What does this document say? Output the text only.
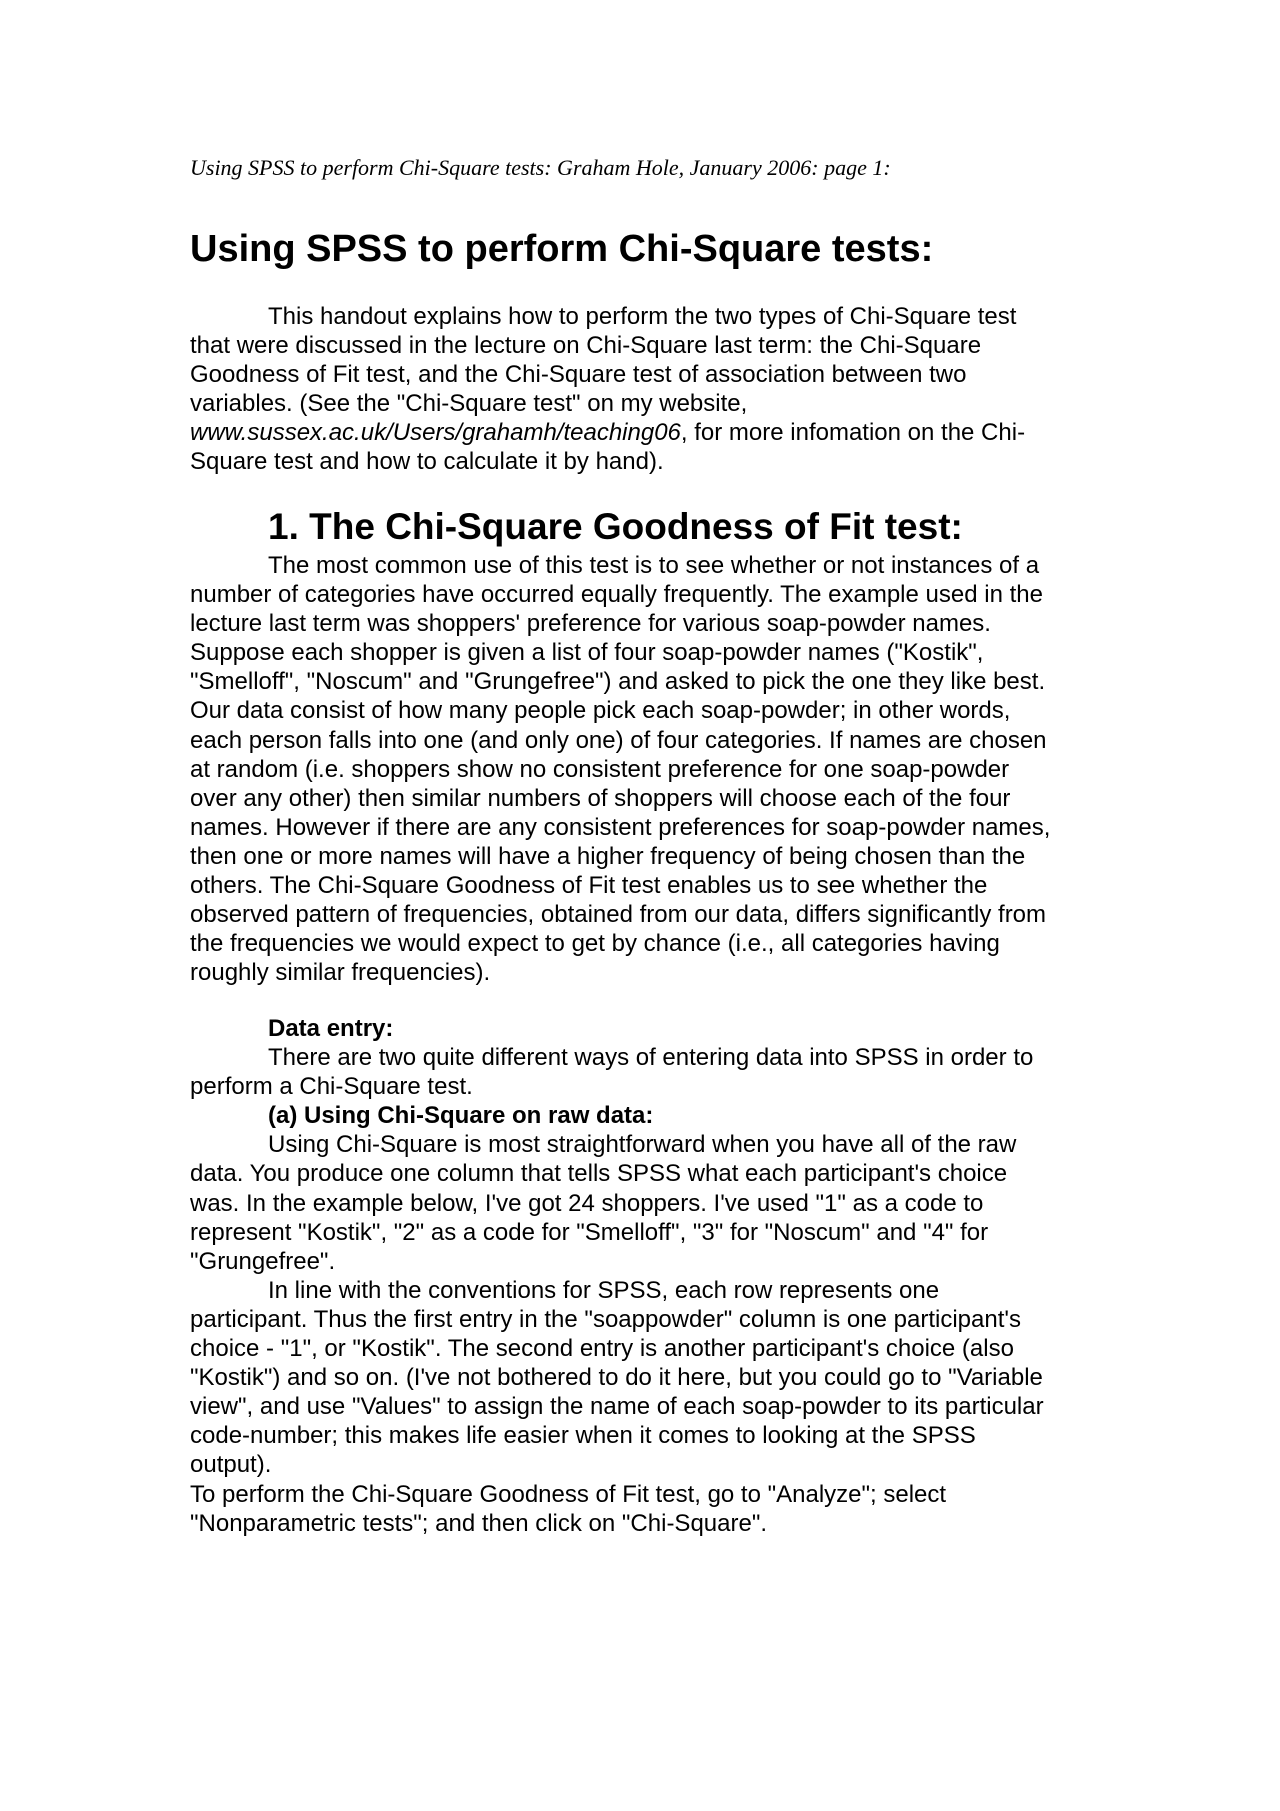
Using SPSS to perform Chi-Square tests: Graham Hole, January 2006: page 1:
Using SPSS to perform Chi-Square tests:

This handout explains how to perform the two types of Chi-Square test
that were discussed in the lecture on Chi-Square last term: the Chi-Square
Goodness of Fit test, and the Chi-Square test of association between two
variables. (See the "Chi-Square test" on my website,
www.sussex.ac.uk/Users/grahamh/teaching06, for more infomation on the Chi-
Square test and how to calculate it by hand).

1. The Chi-Square Goodness of Fit test:

The most common use of this test is to see whether or not instances of a
number of categories have occurred equally frequently. The example used in the
lecture last term was shoppers' preference for various soap-powder names.
Suppose each shopper is given a list of four soap-powder names ("Kostik",
"Smelloff", "Noscum" and "Grungefree") and asked to pick the one they like best.
Our data consist of how many people pick each soap-powder; in other words,
each person falls into one (and only one) of four categories. If names are chosen
at random (i.e. shoppers show no consistent preference for one soap-powder
over any other) then similar numbers of shoppers will choose each of the four
names. However if there are any consistent preferences for soap-powder names,
then one or more names will have a higher frequency of being chosen than the
others. The Chi-Square Goodness of Fit test enables us to see whether the
observed pattern of frequencies, obtained from our data, differs significantly from
the frequencies we would expect to get by chance (i.e., all categories having
roughly similar frequencies).

Data entry:
There are two quite different ways of entering data into SPSS in order to
perform a Chi-Square test.
(a) Using Chi-Square on raw data:
Using Chi-Square is most straightforward when you have all of the raw
data. You produce one column that tells SPSS what each participant's choice
was. In the example below, I've got 24 shoppers. I've used "1" as a code to
represent "Kostik", "2" as a code for "Smelloff", "3" for "Noscum" and "4" for
"Grungefree".
In line with the conventions for SPSS, each row represents one
participant. Thus the first entry in the "soappowder" column is one participant's
choice - "1", or "Kostik". The second entry is another participant's choice (also
"Kostik") and so on. (I've not bothered to do it here, but you could go to "Variable
view", and use "Values" to assign the name of each soap-powder to its particular
code-number; this makes life easier when it comes to looking at the SPSS
output).
To perform the Chi-Square Goodness of Fit test, go to "Analyze"; select
"Nonparametric tests"; and then click on "Chi-Square".
